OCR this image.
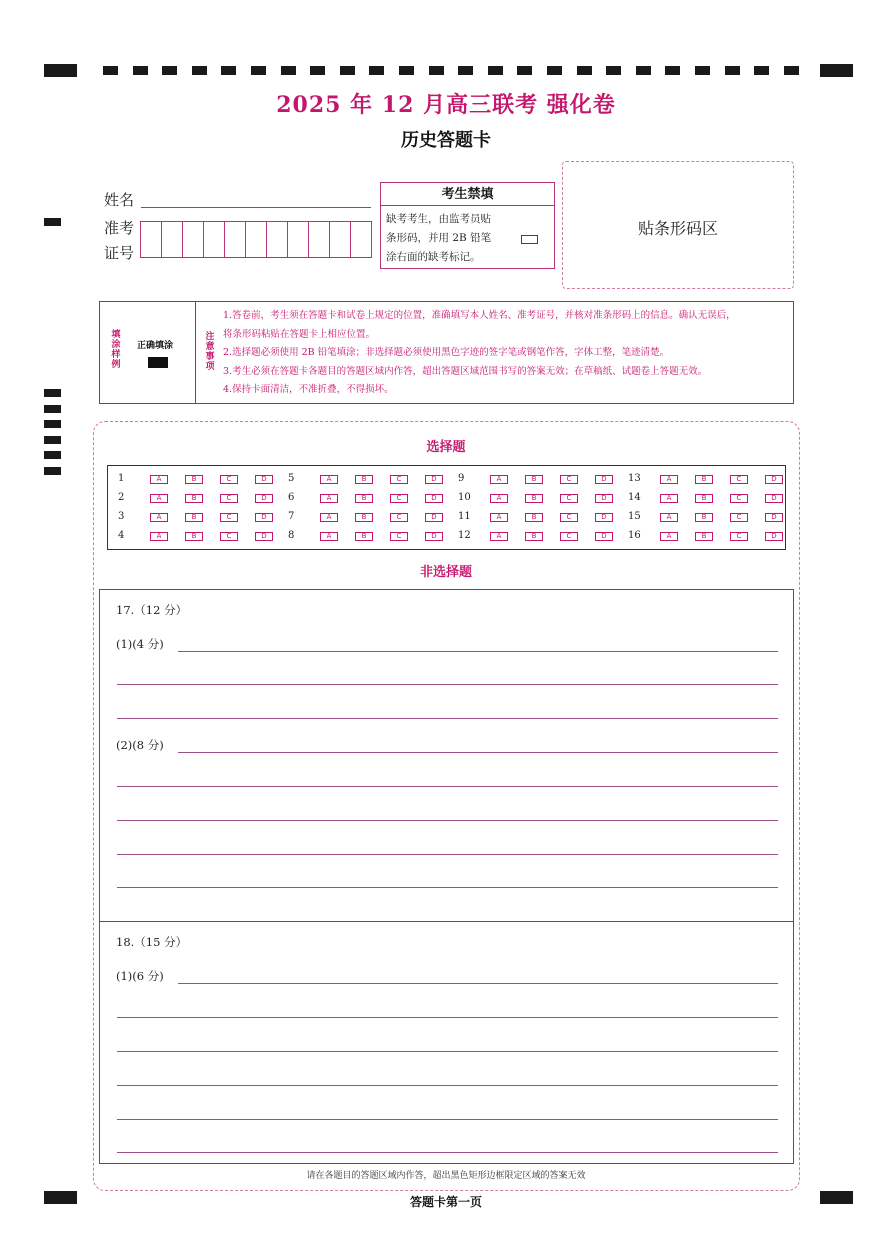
2025 年 12 月高三联考 强化卷
历史答题卡
姓名
准考
证号
考生禁填
缺考考生，由监考员贴
条形码，并用 2B 铅笔
涂右面的缺考标记。
贴条形码区
填
涂
样
例
正确填涂
注
意
事
项
1.答卷前，考生须在答题卡和试卷上规定的位置，准确填写本人姓名、准考证号，并核对准条形码上的信息。确认无误后，
将条形码粘贴在答题卡上相应位置。
2.选择题必须使用 2B 铅笔填涂；非选择题必须使用黑色字迹的签字笔或钢笔作答，字体工整，笔迹清楚。
3.考生必须在答题卡各题目的答题区域内作答，超出答题区域范围书写的答案无效；在草稿纸、试题卷上答题无效。
4.保持卡面清洁，不准折叠，不得损坏。
选择题
1	A	B	C	D
2	A	B	C	D
3	A	B	C	D
4	A	B	C	D
5	A	B	C	D
6	A	B	C	D
7	A	B	C	D
8	A	B	C	D
9	A	B	C	D
10	A	B	C	D
11	A	B	C	D
12	A	B	C	D
13	A	B	C	D
14	A	B	C	D
15	A	B	C	D
16	A	B	C	D
非选择题
17.（12 分）
(1)(4 分)
(2)(8 分)
18.（15 分）
(1)(6 分)
请在各题目的答题区域内作答，超出黑色矩形边框限定区域的答案无效
答题卡第一页
